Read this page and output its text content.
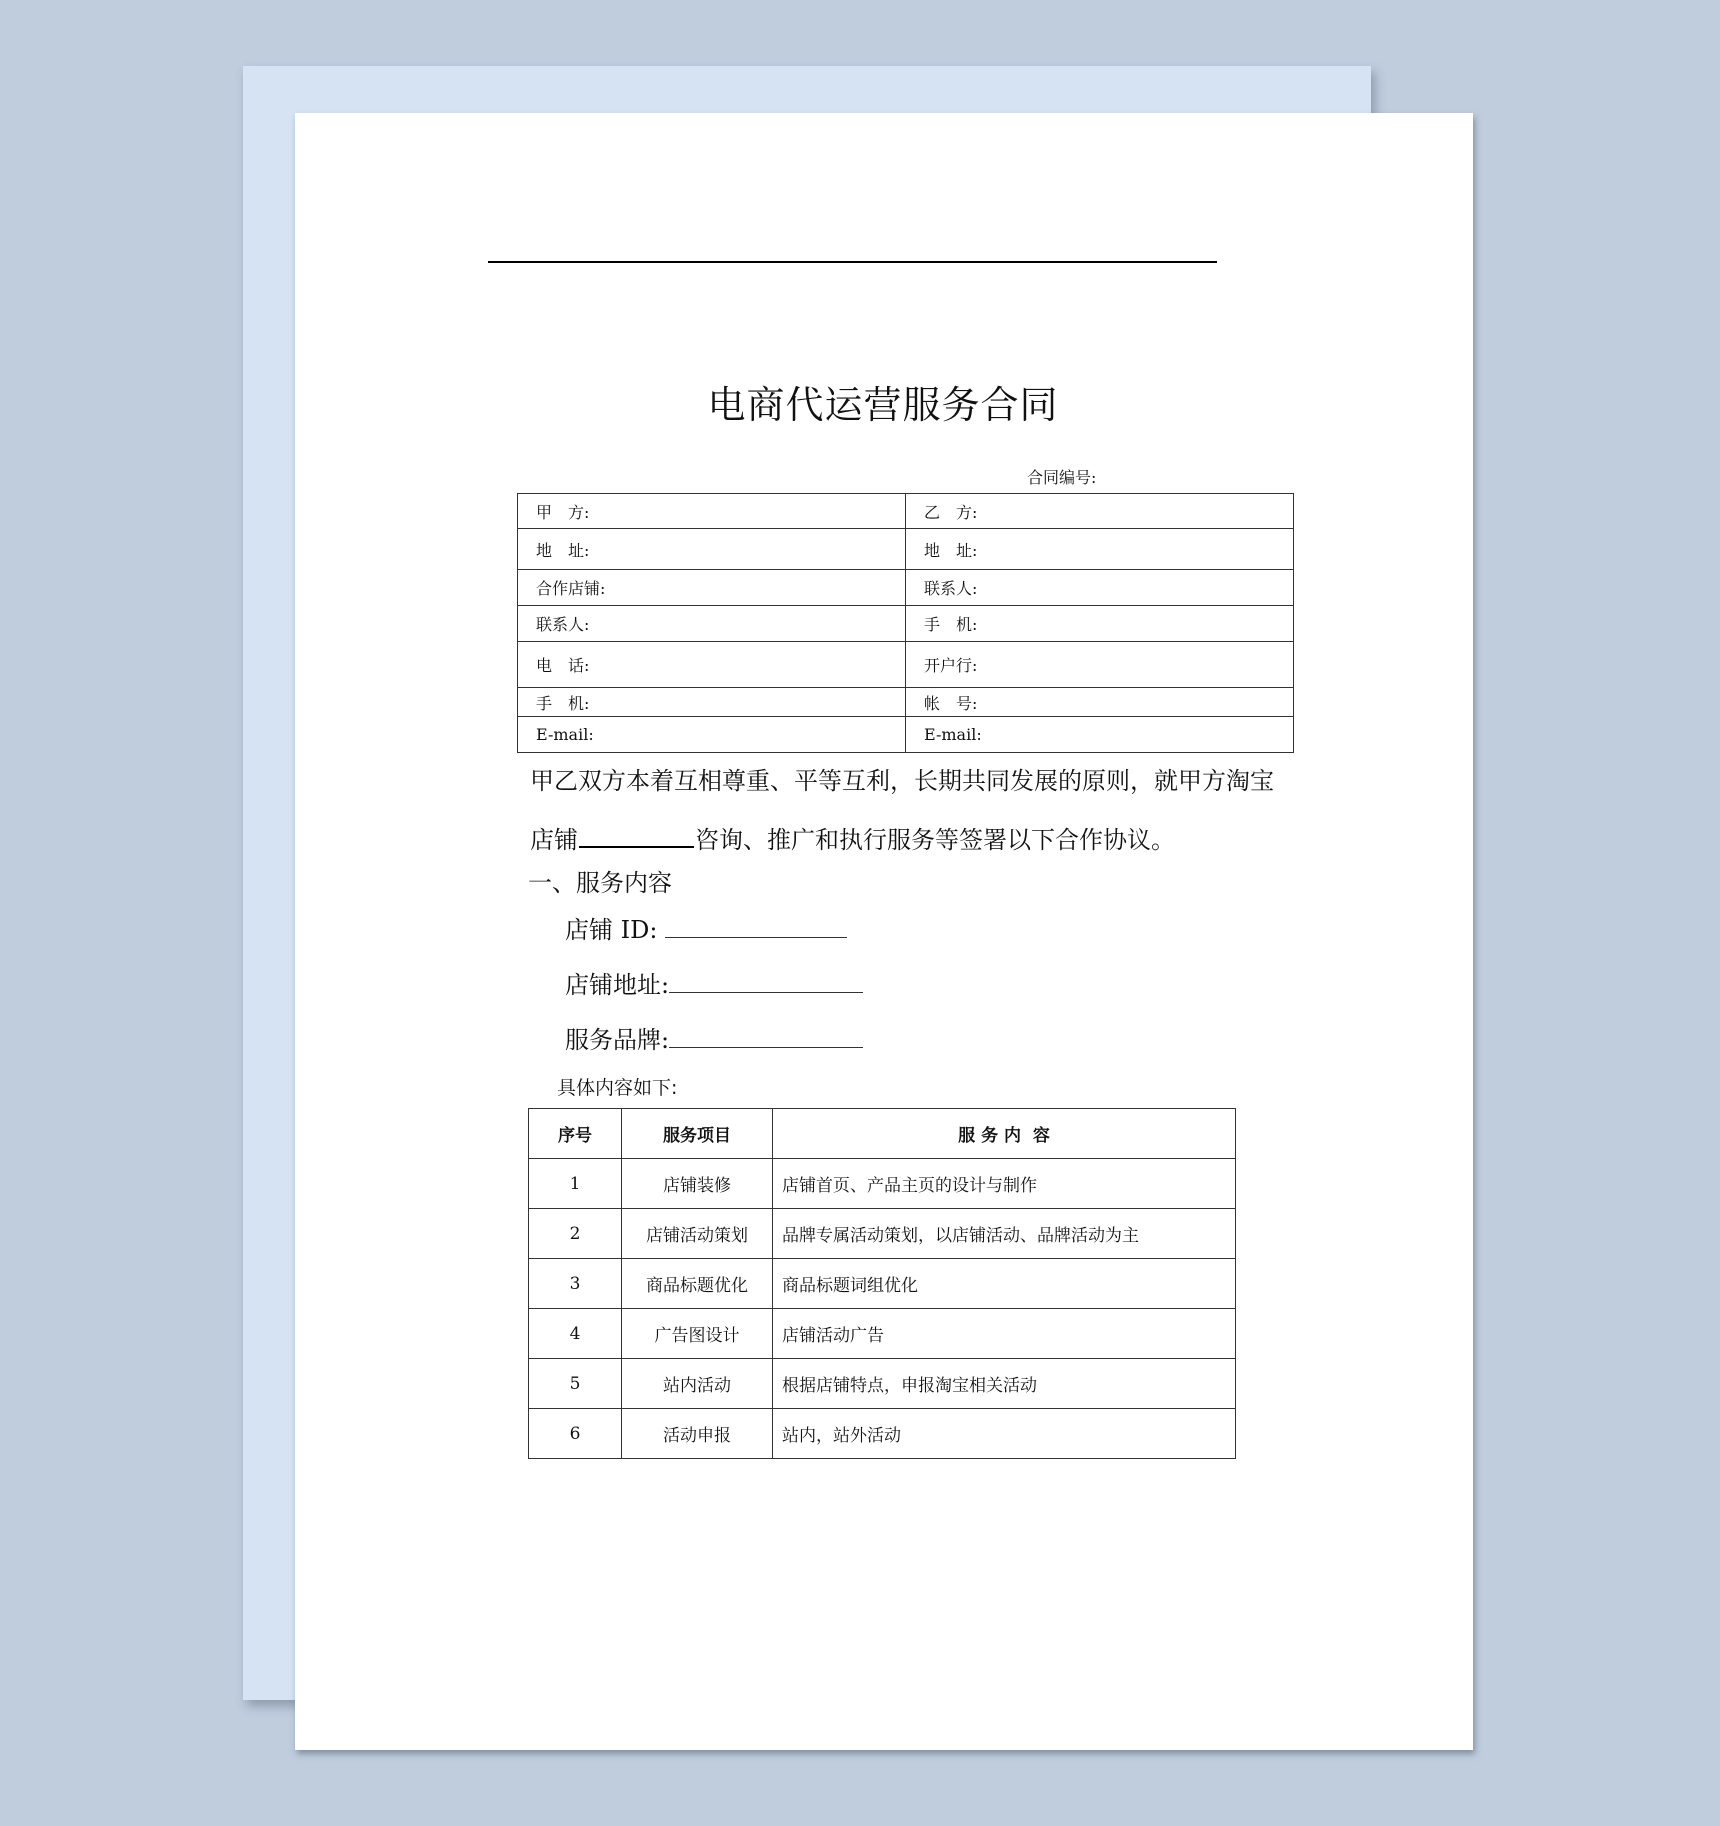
电商代运营服务合同
合同编号:
甲　方:	乙　方:
地　址:	地　址:
合作店铺:	联系人:
联系人:	手　机:
电　话:	开户行:
手　机:	帐　号:
E-mail:	E-mail:
甲乙双方本着互相尊重、平等互利，长期共同发展的原则，就甲方淘宝
店铺	咨询、推广和执行服务等签署以下合作协议。
一、服务内容
店铺 ID:
店铺地址:
服务品牌:
具体内容如下:
序号	服务项目	服 务 内  容
1	店铺装修	店铺首页、产品主页的设计与制作
2	店铺活动策划	品牌专属活动策划，以店铺活动、品牌活动为主
3	商品标题优化	商品标题词组优化
4	广告图设计	店铺活动广告
5	站内活动	根据店铺特点，申报淘宝相关活动
6	活动申报	站内，站外活动
